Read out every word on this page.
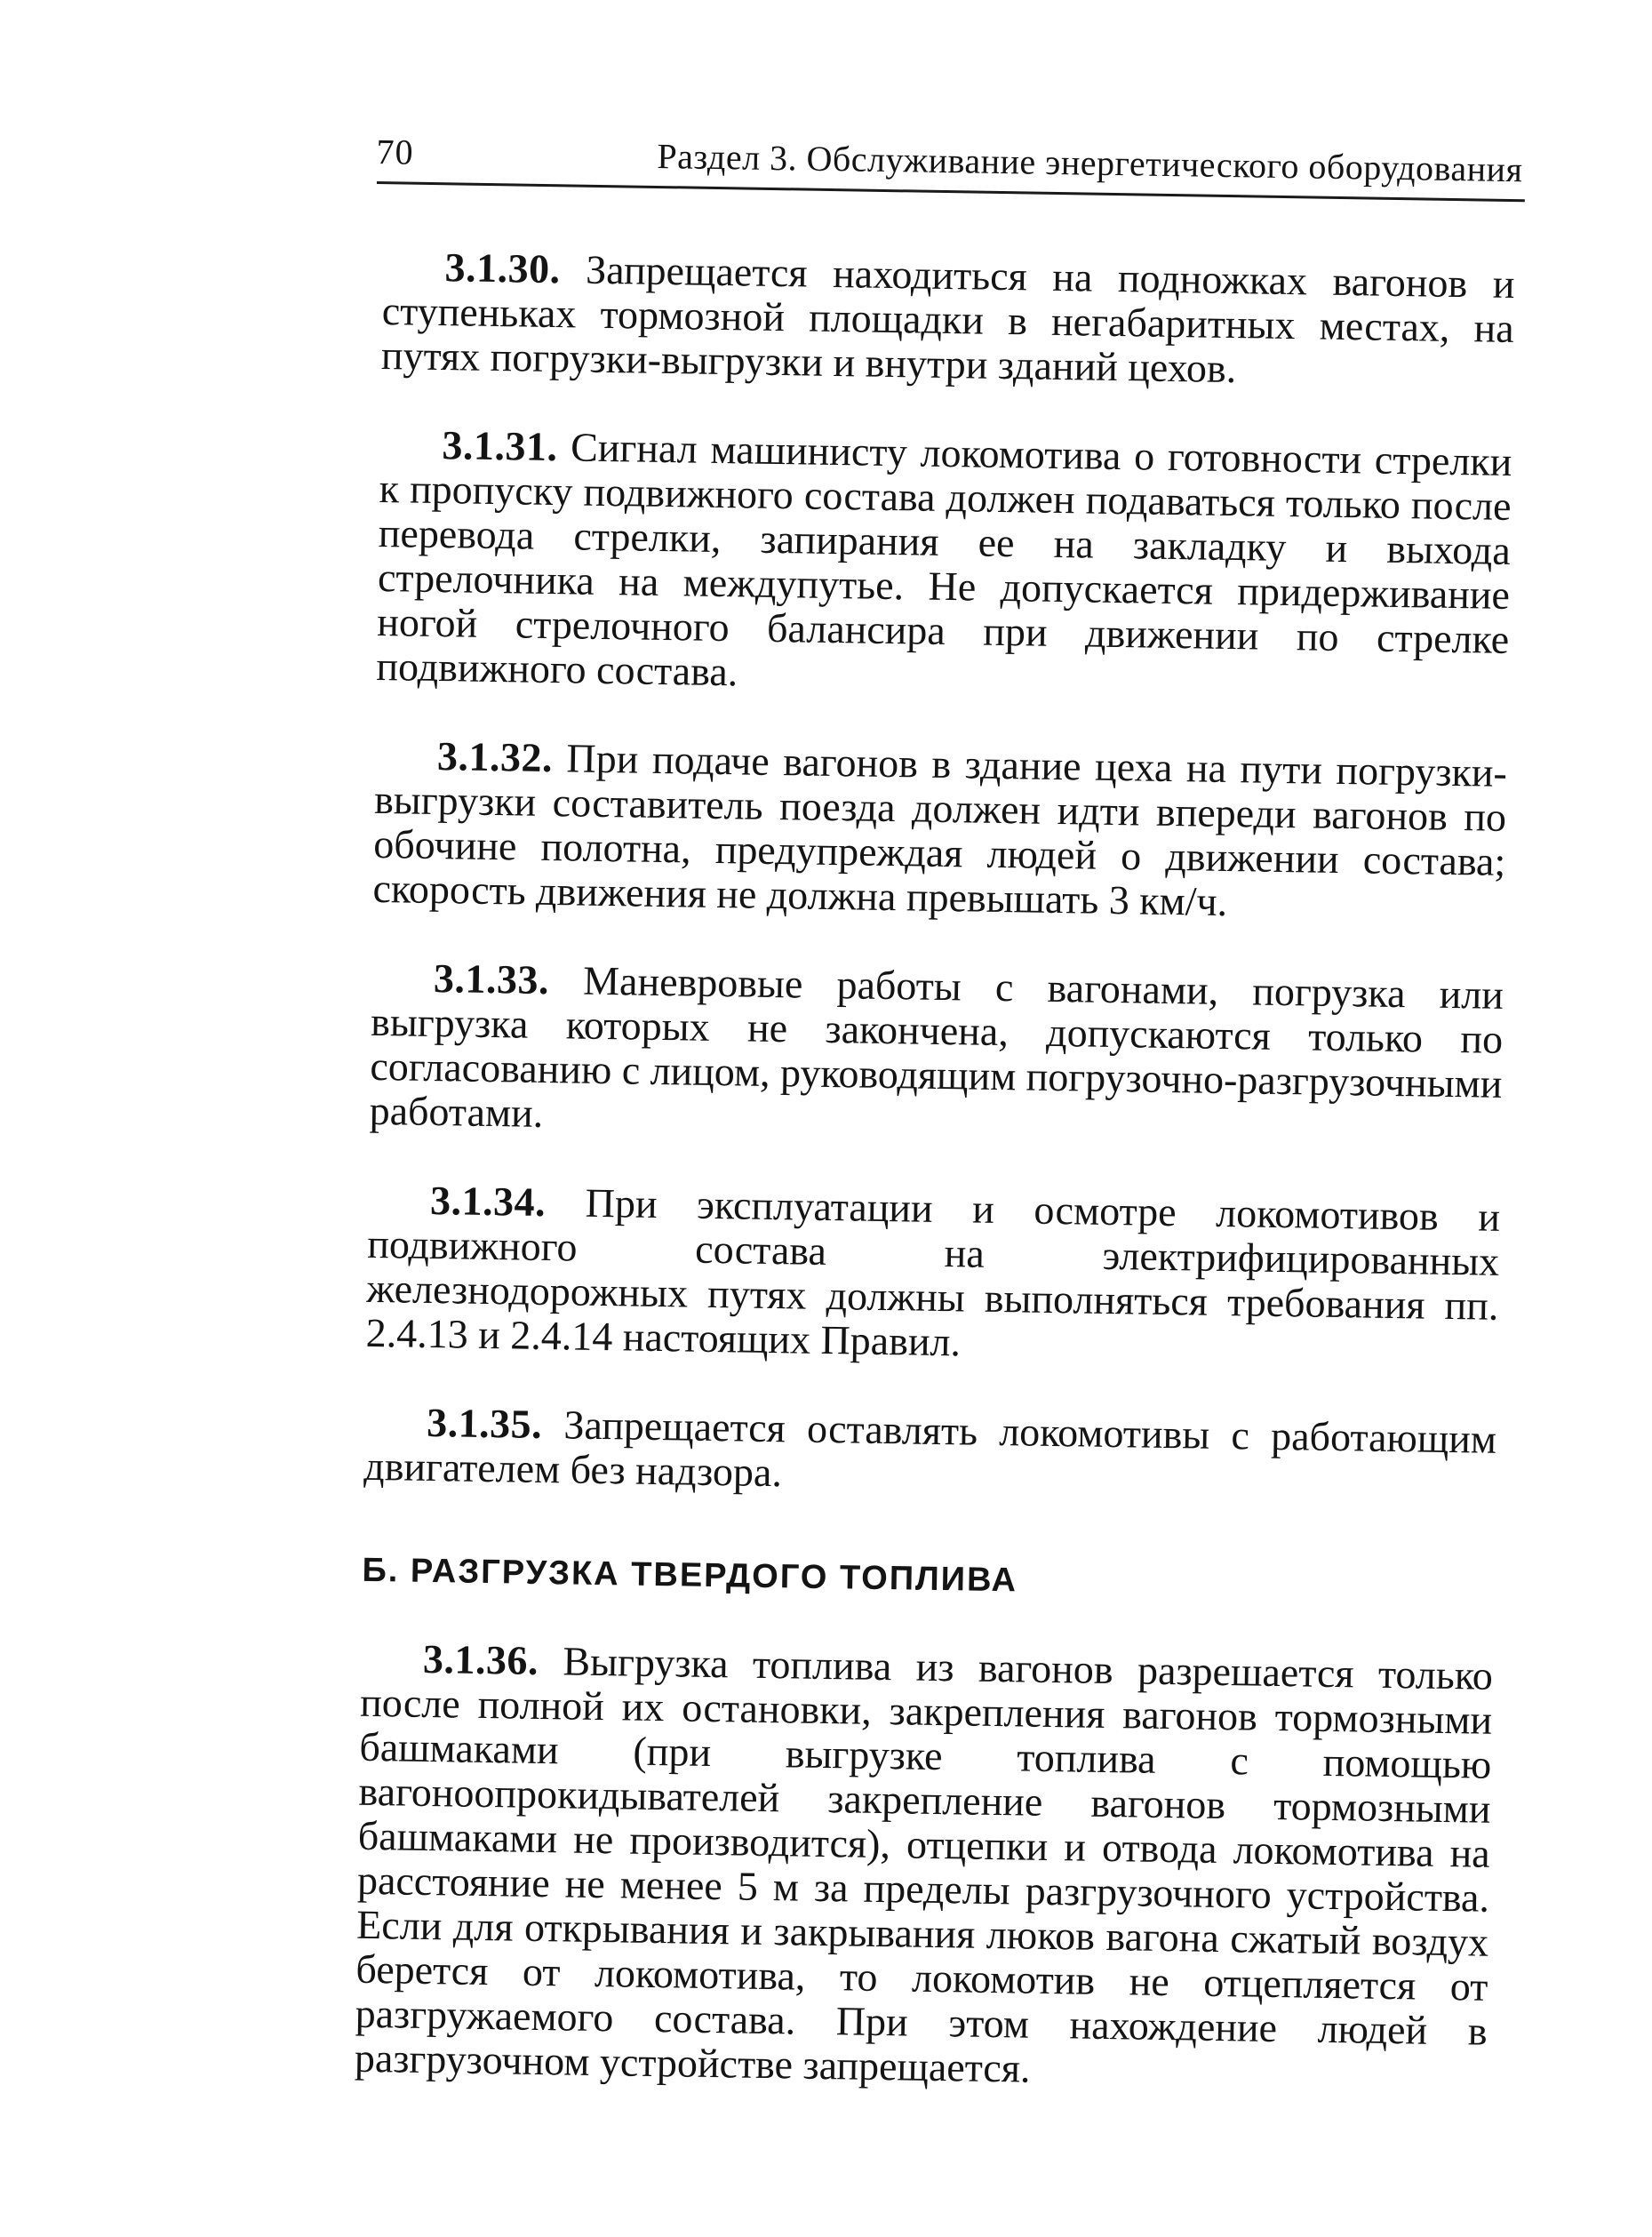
70	Раздел 3. Обслуживание энергетического оборудования

3.1.30. Запрещается находиться на подножках вагонов и ступеньках тормозной площадки в негабаритных местах, на путях погрузки-выгрузки и внутри зданий цехов.

3.1.31. Сигнал машинисту локомотива о готовности стрелки к пропуску подвижного состава должен подаваться только после перевода стрелки, запирания ее на закладку и выхода стрелочника на междупутье. Не допускается придерживание ногой стрелочного балансира при движении по стрелке подвижного состава.

3.1.32. При подаче вагонов в здание цеха на пути погрузки-выгрузки составитель поезда должен идти впереди вагонов по обочине полотна, предупреждая людей о движении состава; скорость движения не должна превышать 3 км/ч.

3.1.33. Маневровые работы с вагонами, погрузка или выгрузка которых не закончена, допускаются только по согласованию с лицом, руководящим погрузочно-разгрузочными работами.

3.1.34. При эксплуатации и осмотре локомотивов и подвижного состава на электрифицированных железнодорожных путях должны выполняться требования пп. 2.4.13 и 2.4.14 настоящих Правил.

3.1.35. Запрещается оставлять локомотивы с работающим двигателем без надзора.

Б. РАЗГРУЗКА ТВЕРДОГО ТОПЛИВА

3.1.36. Выгрузка топлива из вагонов разрешается только после полной их остановки, закрепления вагонов тормозными башмаками (при выгрузке топлива с помощью вагоноопрокидывателей закрепление вагонов тормозными башмаками не производится), отцепки и отвода локомотива на расстояние не менее 5 м за пределы разгрузочного устройства. Если для открывания и закрывания люков вагона сжатый воздух берется от локомотива, то локомотив не отцепляется от разгружаемого состава. При этом нахождение людей в разгрузочном устройстве запрещается.
